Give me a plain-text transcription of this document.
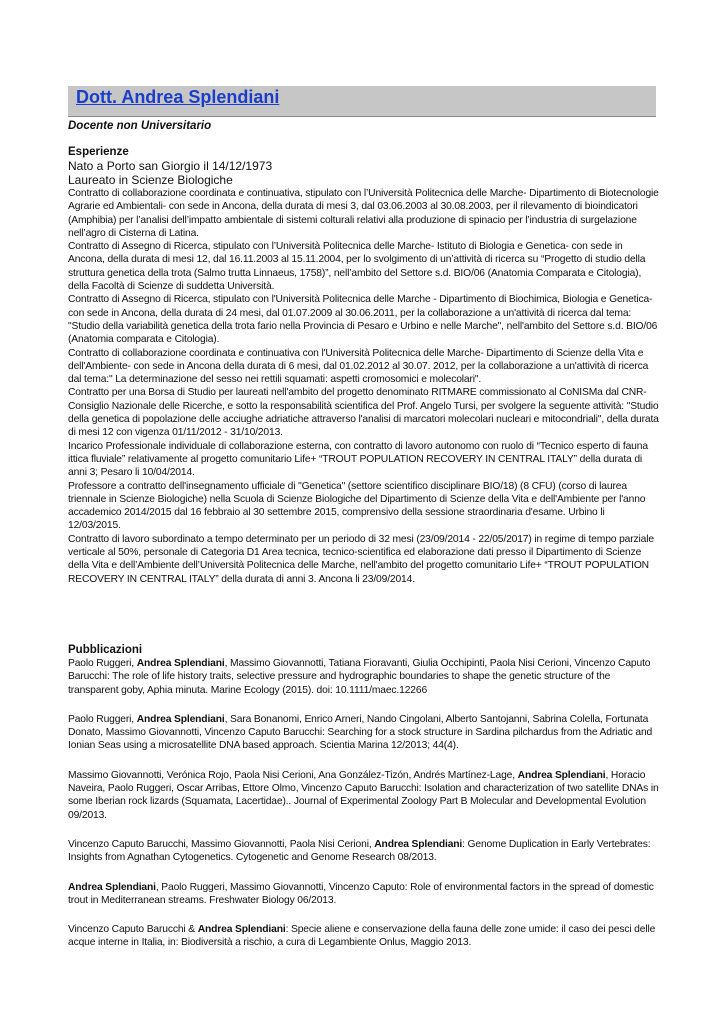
Dott. Andrea Splendiani
Docente non Universitario
Esperienze
Nato a Porto san Giorgio il 14/12/1973
Laureato in Scienze Biologiche

Contratto di collaborazione coordinata e continuativa, stipulato con l’Università Politecnica delle Marche- Dipartimento di Biotecnologie Agrarie ed Ambientali- con sede in Ancona, della durata di mesi 3, dal 03.06.2003 al 30.08.2003, per il rilevamento di bioindicatori (Amphibia) per l’analisi dell’impatto ambientale di sistemi colturali relativi alla produzione di spinacio per l’industria di surgelazione nell’agro di Cisterna di Latina.

Contratto di Assegno di Ricerca, stipulato con l’Università Politecnica delle Marche- Istituto di Biologia e Genetica- con sede in Ancona, della durata di mesi 12, dal 16.11.2003 al 15.11.2004, per lo svolgimento di un’attività di ricerca su “Progetto di studio della struttura genetica della trota (Salmo trutta Linnaeus, 1758)”, nell’ambito del Settore s.d. BIO/06 (Anatomia Comparata e Citologia), della Facoltà di Scienze di suddetta Università.

Contratto di Assegno di Ricerca, stipulato con l'Università Politecnica delle Marche - Dipartimento di Biochimica, Biologia e Genetica- con sede in Ancona, della durata di 24 mesi, dal 01.07.2009 al 30.06.2011, per la collaborazione a un'attività di ricerca dal tema: "Studio della variabilità genetica della trota fario nella Provincia di Pesaro e Urbino e nelle Marche", nell'ambito del Settore s.d. BIO/06 (Anatomia comparata e Citologia).

Contratto di collaborazione coordinata e continuativa con l'Università Politecnica delle Marche- Dipartimento di Scienze della Vita e dell'Ambiente- con sede in Ancona della durata di 6 mesi, dal 01.02.2012 al 30.07. 2012, per la collaborazione a un'attività di ricerca dal tema:" La determinazione del sesso nei rettili squamati: aspetti cromosomici e molecolari".

Contratto per una Borsa di Studio per laureati nell'ambito del progetto denominato RITMARE commissionato al CoNISMa dal CNR-Consiglio Nazionale delle Ricerche, e sotto la responsabilità scientifica del Prof. Angelo Tursi, per svolgere la seguente attività: "Studio della genetica di popolazione delle acciughe adriatiche attraverso l'analisi di marcatori molecolari nucleari e mitocondriali", della durata di mesi 12 con vigenza 01/11/2012 - 31/10/2013.

Incarico Professionale individuale di collaborazione esterna, con contratto di lavoro autonomo con ruolo di “Tecnico esperto di fauna ittica fluviale” relativamente al progetto comunitario Life+ “TROUT POPULATION RECOVERY IN CENTRAL ITALY” della durata di anni 3; Pesaro li 10/04/2014.

Professore a contratto dell'insegnamento ufficiale di "Genetica" (settore scientifico disciplinare BIO/18) (8 CFU) (corso di laurea triennale in Scienze Biologiche) nella Scuola di Scienze Biologiche del Dipartimento di Scienze della Vita e dell'Ambiente per l'anno accademico 2014/2015 dal 16 febbraio al 30 settembre 2015, comprensivo della sessione straordinaria d'esame. Urbino li 12/03/2015.

Contratto di lavoro subordinato a tempo determinato per un periodo di 32 mesi (23/09/2014 - 22/05/2017) in regime di tempo parziale verticale al 50%, personale di Categoria D1 Area tecnica, tecnico-scientifica ed elaborazione dati presso il Dipartimento di Scienze della Vita e dell’Ambiente dell’Università Politecnica delle Marche, nell'ambito del progetto comunitario Life+ “TROUT POPULATION RECOVERY IN CENTRAL ITALY” della durata di anni 3. Ancona li 23/09/2014.

Pubblicazioni

Paolo Ruggeri, Andrea Splendiani, Massimo Giovannotti, Tatiana Fioravanti, Giulia Occhipinti, Paola Nisi Cerioni, Vincenzo Caputo Barucchi: The role of life history traits, selective pressure and hydrographic boundaries to shape the genetic structure of the transparent goby, Aphia minuta. Marine Ecology (2015). doi: 10.1111/maec.12266

Paolo Ruggeri, Andrea Splendiani, Sara Bonanomi, Enrico Arneri, Nando Cingolani, Alberto Santojanni, Sabrina Colella, Fortunata Donato, Massimo Giovannotti, Vincenzo Caputo Barucchi: Searching for a stock structure in Sardina pilchardus from the Adriatic and Ionian Seas using a microsatellite DNA based approach. Scientia Marina 12/2013; 44(4).

Massimo Giovannotti, Verónica Rojo, Paola Nisi Cerioni, Ana González-Tizón, Andrés Martínez-Lage, Andrea Splendiani, Horacio Naveira, Paolo Ruggeri, Oscar Arribas, Ettore Olmo, Vincenzo Caputo Barucchi: Isolation and characterization of two satellite DNAs in some Iberian rock lizards (Squamata, Lacertidae).. Journal of Experimental Zoology Part B Molecular and Developmental Evolution 09/2013.

Vincenzo Caputo Barucchi, Massimo Giovannotti, Paola Nisi Cerioni, Andrea Splendiani: Genome Duplication in Early Vertebrates: Insights from Agnathan Cytogenetics. Cytogenetic and Genome Research 08/2013.

Andrea Splendiani, Paolo Ruggeri, Massimo Giovannotti, Vincenzo Caputo: Role of environmental factors in the spread of domestic trout in Mediterranean streams. Freshwater Biology 06/2013.

Vincenzo Caputo Barucchi & Andrea Splendiani: Specie aliene e conservazione della fauna delle zone umide: il caso dei pesci delle acque interne in Italia, in: Biodiversità a rischio, a cura di Legambiente Onlus, Maggio 2013.
